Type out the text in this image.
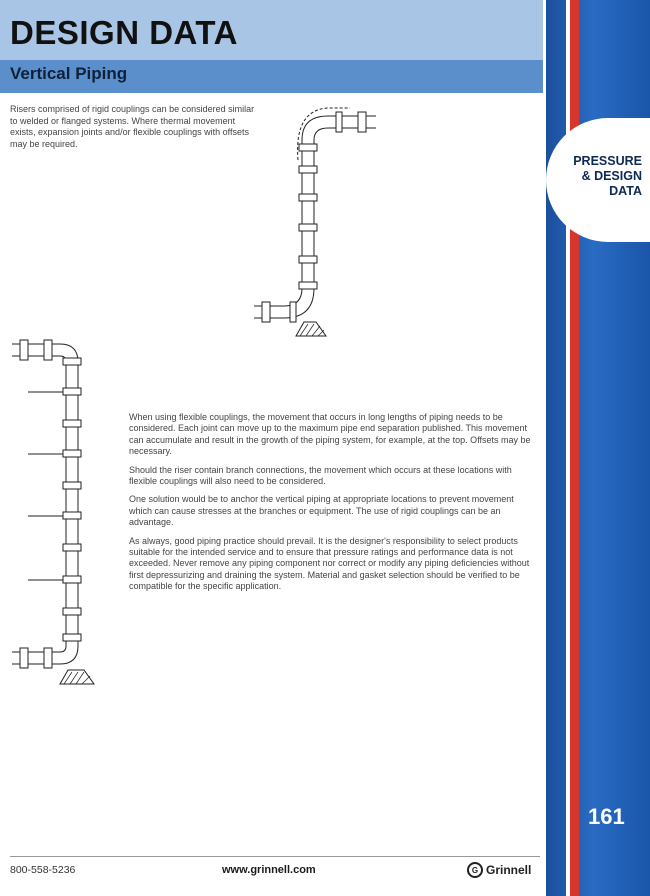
DESIGN DATA
Vertical Piping
PRESSURE
& DESIGN
DATA
161
Risers comprised of rigid couplings can be considered similar to welded or flanged systems. Where thermal movement exists, expansion joints and/or flexible couplings with offsets may be required.

When using flexible couplings, the movement that occurs in long lengths of piping needs to be considered. Each joint can move up to the maximum pipe end separation published. This movement can accumulate and result in the growth of the piping system, for example, at the top. Offsets may be necessary.

Should the riser contain branch connections, the movement which occurs at these locations with flexible couplings will also need to be considered.

One solution would be to anchor the vertical piping at appropriate locations to prevent movement which can cause stresses at the branches or equipment. The use of rigid couplings can be an advantage.

As always, good piping practice should prevail. It is the designer's responsibility to select products suitable for the intended service and to ensure that pressure ratings and performance data is not exceeded. Never remove any piping component nor correct or modify any piping deficiencies without first depressurizing and draining the system. Material and gasket selection should be verified to be compatible for the specific application.

800-558-5236	www.grinnell.com	G Grinnell
